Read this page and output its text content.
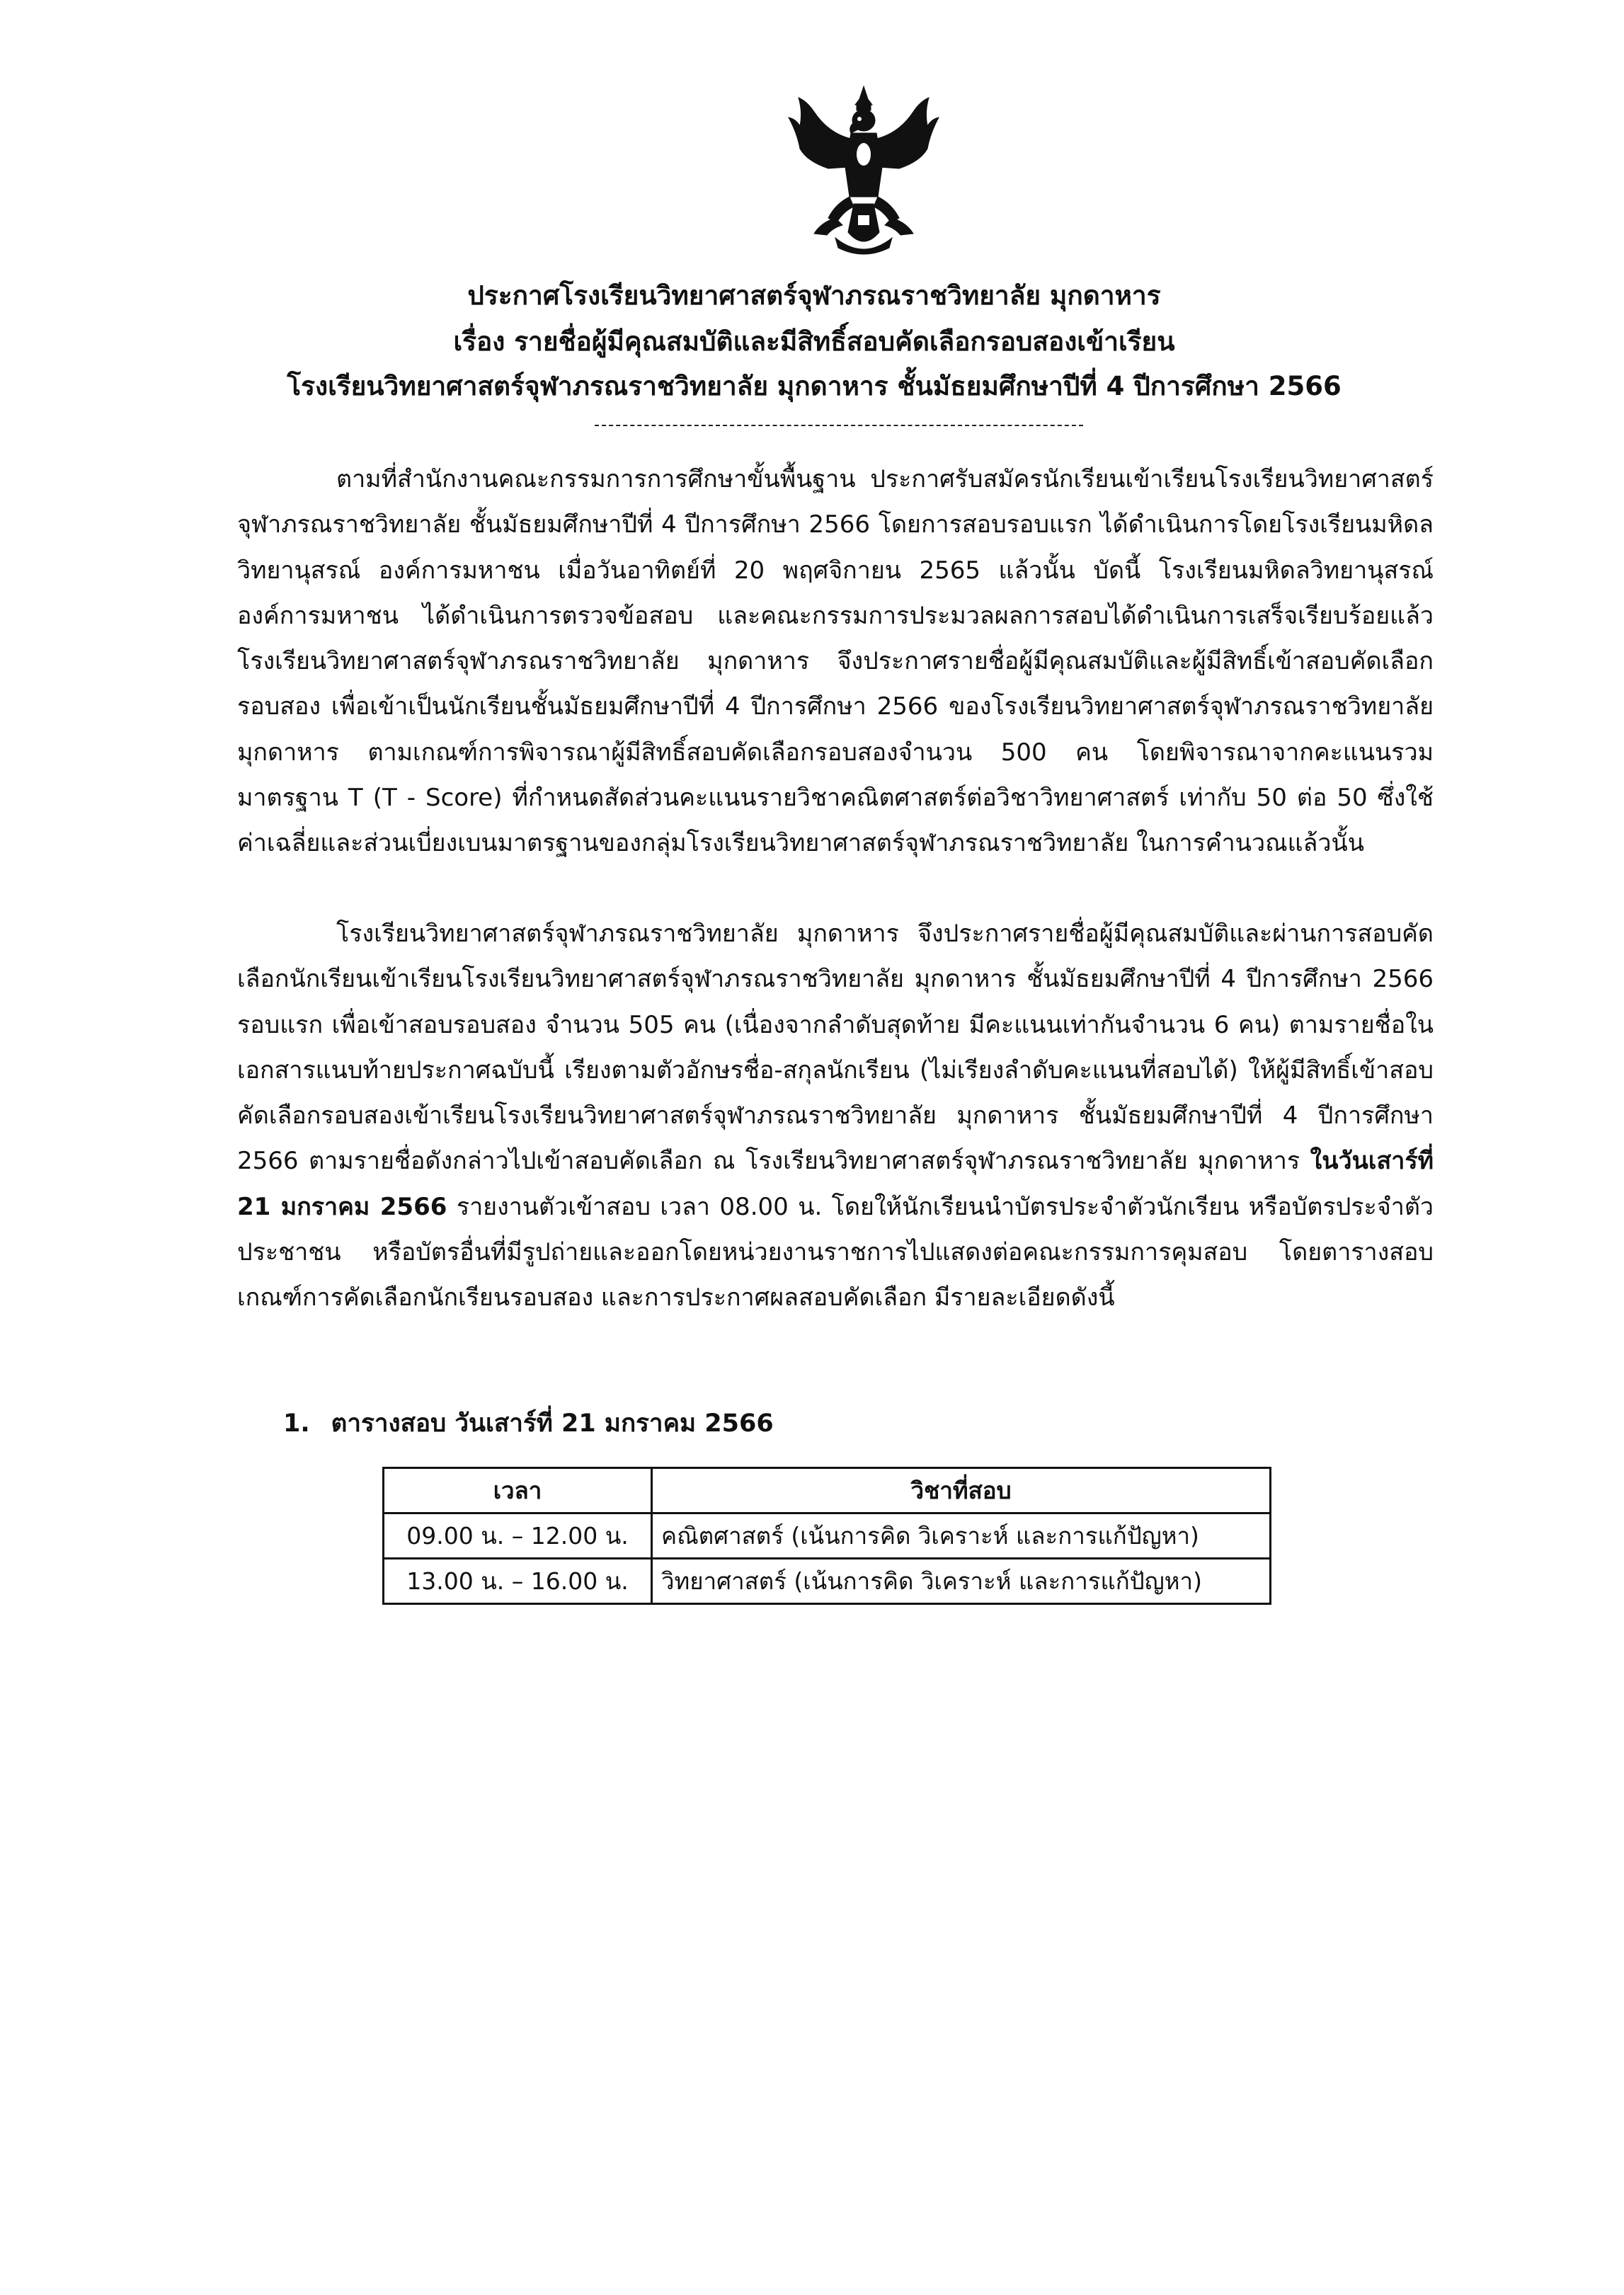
ประกาศโรงเรียนวิทยาศาสตร์จุฬาภรณราชวิทยาลัย มุกดาหาร
เรื่อง รายชื่อผู้มีคุณสมบัติและมีสิทธิ์สอบคัดเลือกรอบสองเข้าเรียน
โรงเรียนวิทยาศาสตร์จุฬาภรณราชวิทยาลัย มุกดาหาร ชั้นมัธยมศึกษาปีที่ 4 ปีการศึกษา 2566
ตามที่สำนักงานคณะกรรมการการศึกษาขั้นพื้นฐาน ประกาศรับสมัครนักเรียนเข้าเรียนโรงเรียนวิทยาศาสตร์จุฬาภรณราชวิทยาลัย ชั้นมัธยมศึกษาปีที่ 4 ปีการศึกษา 2566 โดยการสอบรอบแรก ได้ดำเนินการโดยโรงเรียนมหิดลวิทยานุสรณ์ องค์การมหาชน เมื่อวันอาทิตย์ที่ 20 พฤศจิกายน 2565 แล้วนั้น บัดนี้ โรงเรียนมหิดลวิทยานุสรณ์ องค์การมหาชน ได้ดำเนินการตรวจข้อสอบ และคณะกรรมการประมวลผลการสอบได้ดำเนินการเสร็จเรียบร้อยแล้ว โรงเรียนวิทยาศาสตร์จุฬาภรณราชวิทยาลัย มุกดาหาร จึงประกาศรายชื่อผู้มีคุณสมบัติและผู้มีสิทธิ์เข้าสอบคัดเลือกรอบสอง เพื่อเข้าเป็นนักเรียนชั้นมัธยมศึกษาปีที่ 4 ปีการศึกษา 2566 ของโรงเรียนวิทยาศาสตร์จุฬาภรณราชวิทยาลัย มุกดาหาร ตามเกณฑ์การพิจารณาผู้มีสิทธิ์สอบคัดเลือกรอบสองจำนวน 500 คน โดยพิจารณาจากคะแนนรวมมาตรฐาน T (T - Score) ที่กำหนดสัดส่วนคะแนนรายวิชาคณิตศาสตร์ต่อวิชาวิทยาศาสตร์ เท่ากับ 50 ต่อ 50 ซึ่งใช้ค่าเฉลี่ยและส่วนเบี่ยงเบนมาตรฐานของกลุ่มโรงเรียนวิทยาศาสตร์จุฬาภรณราชวิทยาลัย ในการคำนวณแล้วนั้น
โรงเรียนวิทยาศาสตร์จุฬาภรณราชวิทยาลัย มุกดาหาร จึงประกาศรายชื่อผู้มีคุณสมบัติและผ่านการสอบคัดเลือกนักเรียนเข้าเรียนโรงเรียนวิทยาศาสตร์จุฬาภรณราชวิทยาลัย มุกดาหาร ชั้นมัธยมศึกษาปีที่ 4 ปีการศึกษา 2566 รอบแรก เพื่อเข้าสอบรอบสอง จำนวน 505 คน (เนื่องจากลำดับสุดท้าย มีคะแนนเท่ากันจำนวน 6 คน) ตามรายชื่อในเอกสารแนบท้ายประกาศฉบับนี้ เรียงตามตัวอักษรชื่อ-สกุลนักเรียน (ไม่เรียงลำดับคะแนนที่สอบได้) ให้ผู้มีสิทธิ์เข้าสอบคัดเลือกรอบสองเข้าเรียนโรงเรียนวิทยาศาสตร์จุฬาภรณราชวิทยาลัย มุกดาหาร ชั้นมัธยมศึกษาปีที่ 4 ปีการศึกษา 2566 ตามรายชื่อดังกล่าวไปเข้าสอบคัดเลือก ณ โรงเรียนวิทยาศาสตร์จุฬาภรณราชวิทยาลัย มุกดาหาร ในวันเสาร์ที่ 21 มกราคม 2566 รายงานตัวเข้าสอบ เวลา 08.00 น. โดยให้นักเรียนนำบัตรประจำตัวนักเรียน หรือบัตรประจำตัวประชาชน หรือบัตรอื่นที่มีรูปถ่ายและออกโดยหน่วยงานราชการไปแสดงต่อคณะกรรมการคุมสอบ โดยตารางสอบ เกณฑ์การคัดเลือกนักเรียนรอบสอง และการประกาศผลสอบคัดเลือก มีรายละเอียดดังนี้
1. ตารางสอบ วันเสาร์ที่ 21 มกราคม 2566
เวลา	วิชาที่สอบ
09.00 น. – 12.00 น.	คณิตศาสตร์ (เน้นการคิด วิเคราะห์ และการแก้ปัญหา)
13.00 น. – 16.00 น.	วิทยาศาสตร์ (เน้นการคิด วิเคราะห์ และการแก้ปัญหา)
